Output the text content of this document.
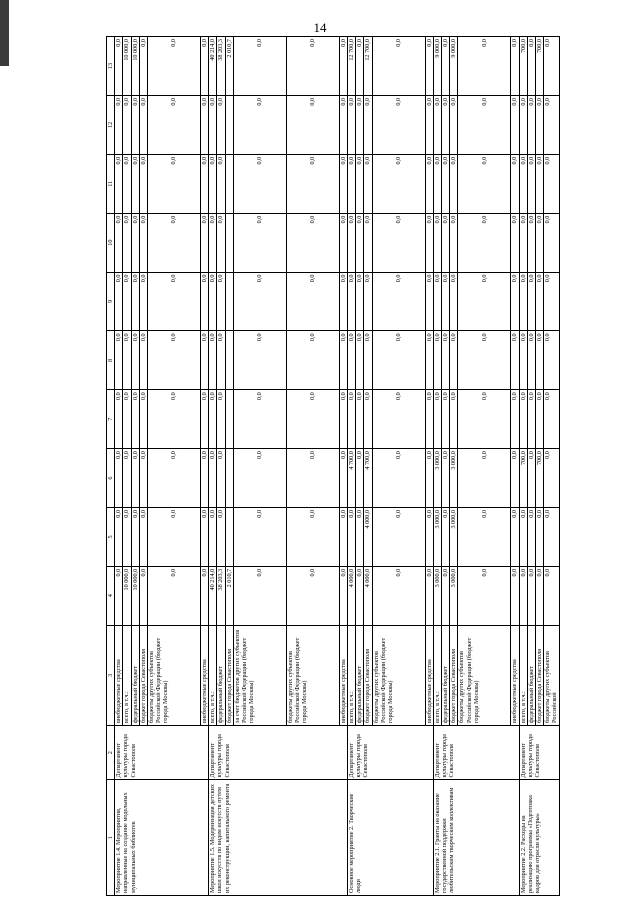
14
1	2	3	4	5	6	7	8	9	10	11	12	13
Мероприятие 1.4. Мероприятия, направленные на создание модельных муниципальных библиотек	Департамент культуры города Севастополя	внебюджетные средства	0,0	0,0	0,0	0,0	0,0	0,0	0,0	0,0	0,0	0,0
		всего, в т.ч.:	10 000,0	0,0	0,0	0,0	0,0	0,0	0,0	0,0	0,0	10 000,0
		федеральный бюджет	10 000,0	0,0	0,0	0,0	0,0	0,0	0,0	0,0	0,0	10 000,0
		бюджет города Севастополя	0,0	0,0	0,0	0,0	0,0	0,0	0,0	0,0	0,0	0,0
		бюджеты других субъектов Российской Федерации (бюджет города Москвы)	0,0	0,0	0,0	0,0	0,0	0,0	0,0	0,0	0,0	0,0
		внебюджетные средства	0,0	0,0	0,0	0,0	0,0	0,0	0,0	0,0	0,0	0,0
Мероприятие 1.5. Модернизация детских школ искусств по видам искусств путем их реконструкции, капитального ремонта	Департамент культуры города Севастополя	всего, в т.ч.:	40 214,0	0,0	0,0	0,0	0,0	0,0	0,0	0,0	0,0	40 214,0
		федеральный бюджет	38 203,3	0,0	0,0	0,0	0,0	0,0	0,0	0,0	0,0	38 203,3
		бюджет города Севастополя	2 010,7									2 010,7
		за счет бюджетов других субъектов Российской Федерации (бюджет города Москвы)	0,0	0,0	0,0	0,0	0,0	0,0	0,0	0,0	0,0	0,0
		бюджеты других субъектов Российской Федерации (бюджет города Москвы)	0,0	0,0	0,0	0,0	0,0	0,0	0,0	0,0	0,0	0,0
		внебюджетные средства	0,0	0,0	0,0	0,0	0,0	0,0	0,0	0,0	0,0	0,0
Основное мероприятие 2. Творческие люди	Департамент культуры города Севастополя	всего, в т.ч.:	4 000,0	0,0	4 700,0	0,0	0,0	0,0	0,0	0,0	0,0	12 700,0
		федеральный бюджет	0,0	0,0	0,0	0,0	0,0	0,0	0,0	0,0	0,0	0,0
		бюджет города Севастополя	4 000,0	4 000,0	4 700,0	0,0	0,0	0,0	0,0	0,0	0,0	12 700,0
		бюджеты других субъектов Российской Федерации (бюджет города Москвы)	0,0	0,0	0,0	0,0	0,0	0,0	0,0	0,0	0,0	0,0
		внебюджетные средства	0,0	0,0	0,0	0,0	0,0	0,0	0,0	0,0	0,0	0,0
Мероприятие 2.1. Гранты на оказание государственной поддержки любительским творческим коллективам	Департамент культуры города Севастополя	всего, в т.ч.:	3 000,0	3 000,0	3 000,0	0,0	0,0	0,0	0,0	0,0	0,0	9 000,0
		федеральный бюджет	0,0	0,0	0,0	0,0	0,0	0,0	0,0	0,0	0,0	0,0
		бюджет города Севастополя	3 000,0	3 000,0	3 000,0	0,0	0,0	0,0	0,0	0,0	0,0	9 000,0
		бюджеты других субъектов Российской Федерации (бюджет города Москвы)	0,0	0,0	0,0	0,0	0,0	0,0	0,0	0,0	0,0	0,0
		внебюджетные средства	0,0	0,0	0,0	0,0	0,0	0,0	0,0	0,0	0,0	0,0
Мероприятие 2.2. Расходы на реализацию программы «Подготовка кадров для отрасли культуры»	Департамент культуры города Севастополя	всего, в т.ч.:	0,0	0,0	700,0	0,0	0,0	0,0	0,0	0,0	0,0	700,0
		федеральный бюджет	0,0	0,0	0,0	0,0	0,0	0,0	0,0	0,0	0,0	0,0
		бюджет города Севастополя	0,0	0,0	700,0	0,0	0,0	0,0	0,0	0,0	0,0	700,0
		бюджеты других субъектов Российской	0,0	0,0	0,0	0,0	0,0	0,0	0,0	0,0	0,0	0,0
